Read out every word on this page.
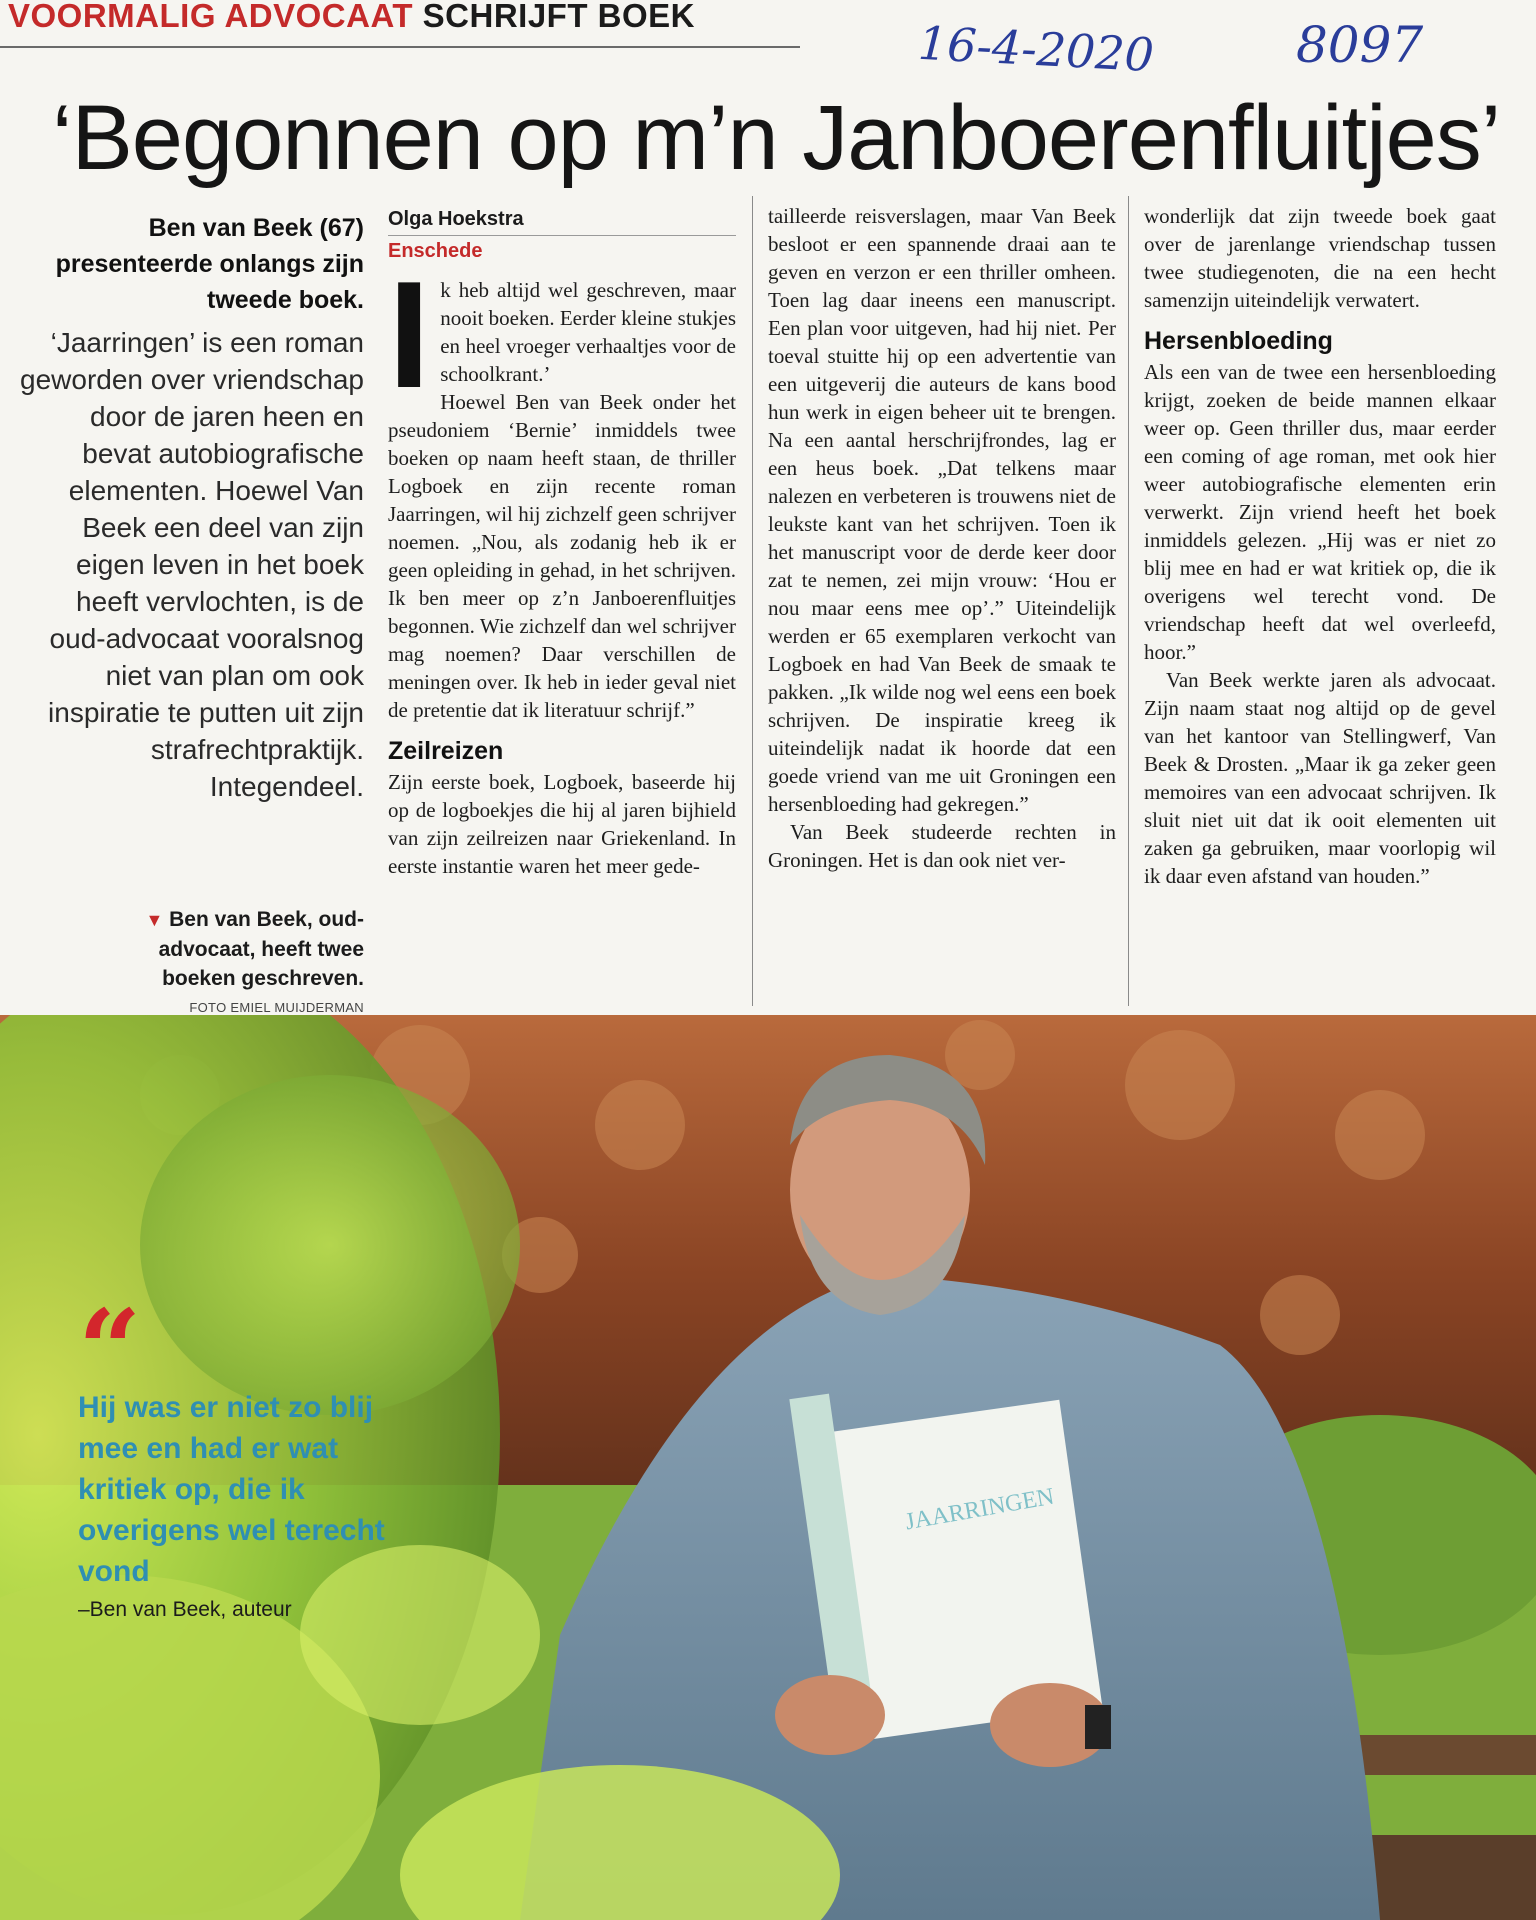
VOORMALIG ADVOCAAT SCHRIJFT BOEK
16-4-2020	8097
‘Begonnen op m’n Janboerenfluitjes’
Ben van Beek (67) presenteerde onlangs zijn tweede boek.
‘Jaarringen’ is een roman geworden over vriendschap door de jaren heen en bevat autobiografische elementen. Hoewel Van Beek een deel van zijn eigen leven in het boek heeft vervlochten, is de oud-advocaat vooralsnog niet van plan om ook inspiratie te putten uit zijn strafrechtpraktijk. Integendeel.
▼ Ben van Beek, oud-advocaat, heeft twee boeken geschreven.
FOTO EMIEL MUIJDERMAN
Olga Hoekstra
Enschede

Ik heb altijd wel geschreven, maar nooit boeken. Eerder kleine stukjes en heel vroeger verhaaltjes voor de schoolkrant.’

Hoewel Ben van Beek onder het pseudoniem ‘Bernie’ inmiddels twee boeken op naam heeft staan, de thriller Logboek en zijn recente roman Jaarringen, wil hij zichzelf geen schrijver noemen. „Nou, als zodanig heb ik er geen opleiding in gehad, in het schrijven. Ik ben meer op z’n Janboerenfluitjes begonnen. Wie zichzelf dan wel schrijver mag noemen? Daar verschillen de meningen over. Ik heb in ieder geval niet de pretentie dat ik literatuur schrijf.”

Zeilreizen

Zijn eerste boek, Logboek, baseerde hij op de logboekjes die hij al jaren bijhield van zijn zeilreizen naar Griekenland. In eerste instantie waren het meer gede-

tailleerde reisverslagen, maar Van Beek besloot er een spannende draai aan te geven en verzon er een thriller omheen. Toen lag daar ineens een manuscript. Een plan voor uitgeven, had hij niet. Per toeval stuitte hij op een advertentie van een uitgeverij die auteurs de kans bood hun werk in eigen beheer uit te brengen. Na een aantal herschrijfrondes, lag er een heus boek. „Dat telkens maar nalezen en verbeteren is trouwens niet de leukste kant van het schrijven. Toen ik het manuscript voor de derde keer door zat te nemen, zei mijn vrouw: ‘Hou er nou maar eens mee op’.” Uiteindelijk werden er 65 exemplaren verkocht van Logboek en had Van Beek de smaak te pakken. „Ik wilde nog wel eens een boek schrijven. De inspiratie kreeg ik uiteindelijk nadat ik hoorde dat een goede vriend van me uit Groningen een hersenbloeding had gekregen.”

Van Beek studeerde rechten in Groningen. Het is dan ook niet ver-

wonderlijk dat zijn tweede boek gaat over de jarenlange vriendschap tussen twee studiegenoten, die na een hecht samenzijn uiteindelijk verwatert.

Hersenbloeding

Als een van de twee een hersenbloeding krijgt, zoeken de beide mannen elkaar weer op. Geen thriller dus, maar eerder een coming of age roman, met ook hier weer autobiografische elementen erin verwerkt. Zijn vriend heeft het boek inmiddels gelezen. „Hij was er niet zo blij mee en had er wat kritiek op, die ik overigens wel terecht vond. De vriendschap heeft dat wel overleefd, hoor.”

Van Beek werkte jaren als advocaat. Zijn naam staat nog altijd op de gevel van het kantoor van Stellingwerf, Van Beek & Drosten. „Maar ik ga zeker geen memoires van een advocaat schrijven. Ik sluit niet uit dat ik ooit elementen uit zaken ga gebruiken, maar voorlopig wil ik daar even afstand van houden.”

JAARRINGEN
“
Hij was er niet zo blij mee en had er wat kritiek op, die ik overigens wel terecht vond
–Ben van Beek, auteur
